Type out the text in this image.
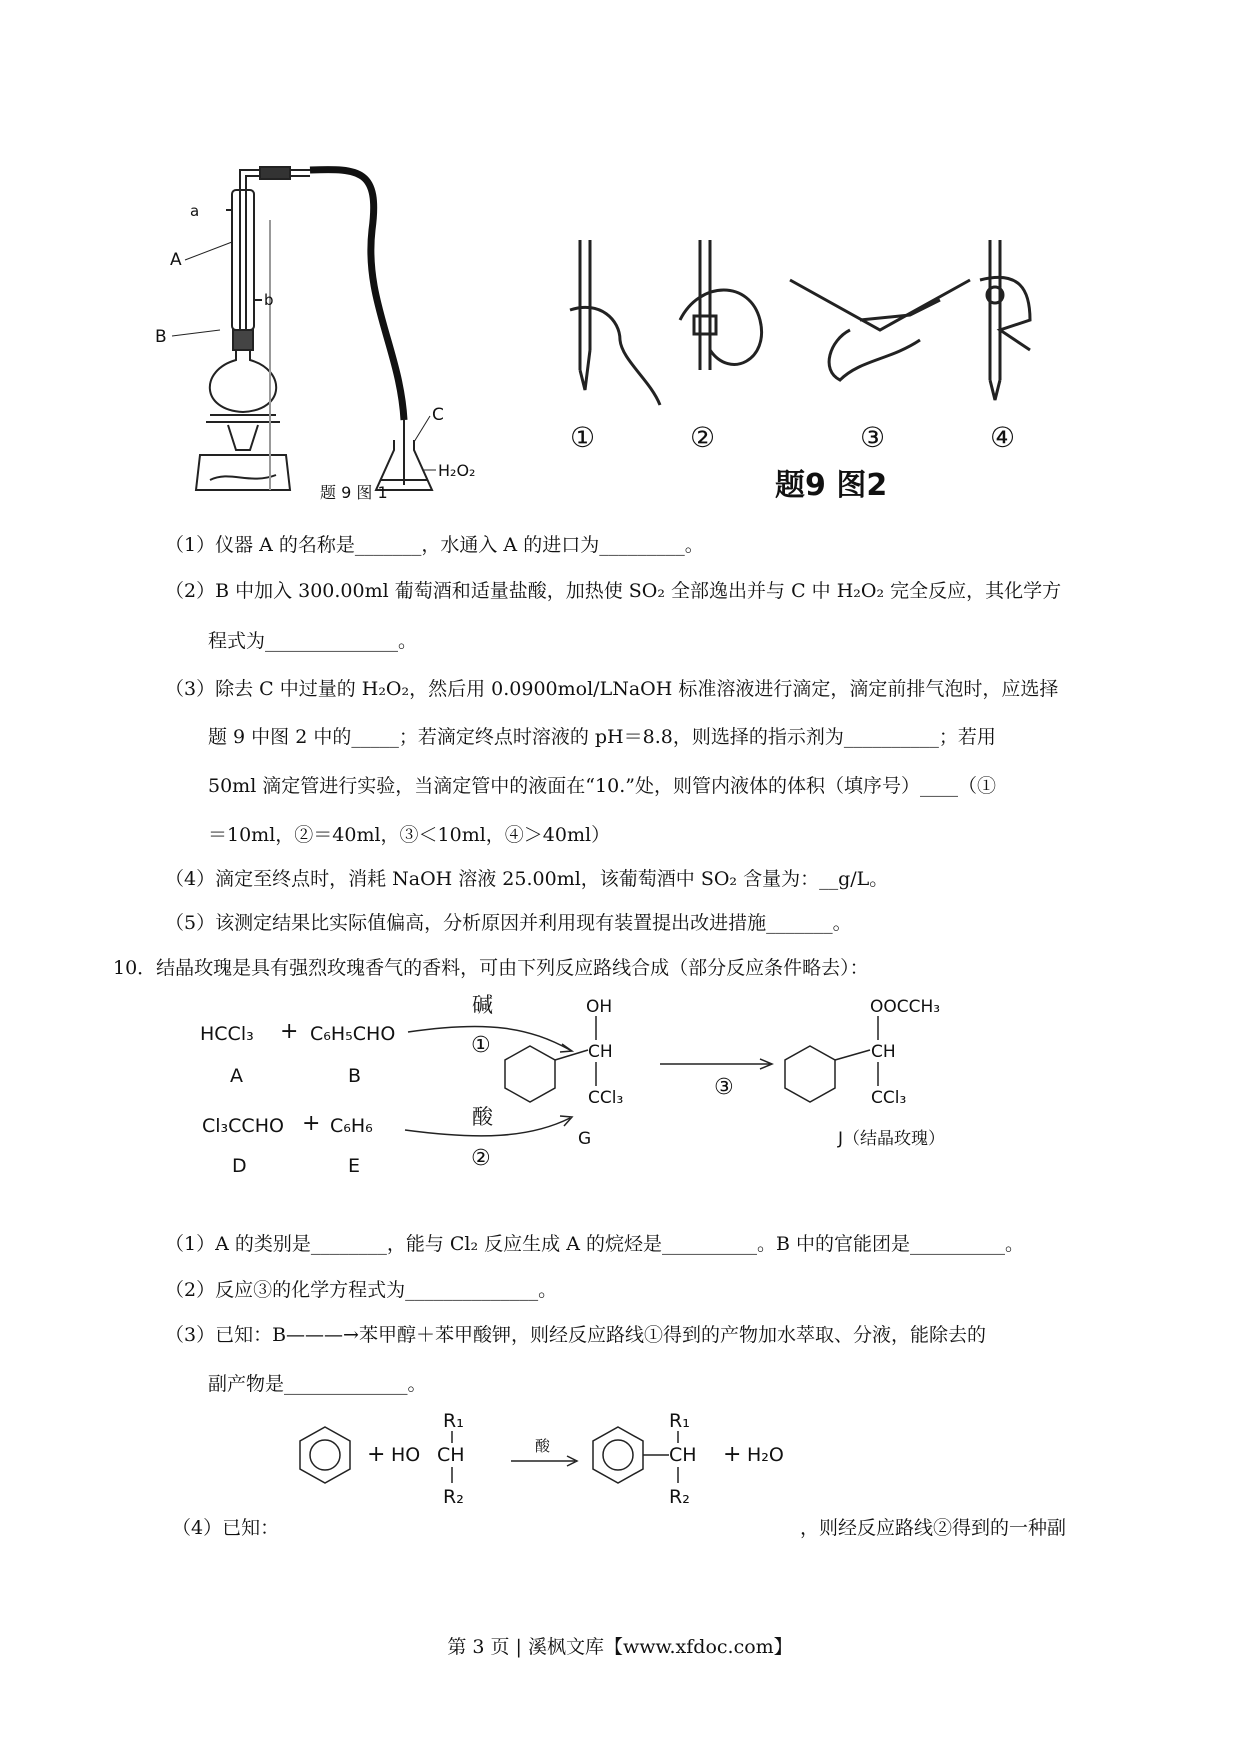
a
A
b
B
C
H₂O₂
题 9 图 1
①	②	③	④
题9 图2
（1）仪器 A 的名称是_______，水通入 A 的进口为_________。
（2）B 中加入 300.00ml 葡萄酒和适量盐酸，加热使 SO₂ 全部逸出并与 C 中 H₂O₂ 完全反应，其化学方
程式为______________。
（3）除去 C 中过量的 H₂O₂，然后用 0.0900mol/LNaOH 标准溶液进行滴定，滴定前排气泡时，应选择
题 9 中图 2 中的_____；若滴定终点时溶液的 pH＝8.8，则选择的指示剂为__________；若用
50ml 滴定管进行实验，当滴定管中的液面在“10.”处，则管内液体的体积（填序号）____（①
＝10ml，②＝40ml，③＜10ml，④＞40ml）
（4）滴定至终点时，消耗 NaOH 溶液 25.00ml，该葡萄酒中 SO₂ 含量为：__g/L。
（5）该测定结果比实际值偏高，分析原因并利用现有装置提出改进措施_______。
10．结晶玫瑰是具有强烈玫瑰香气的香料，可由下列反应路线合成（部分反应条件略去）：
HCCl₃ + C₆H₅CHO
A	B
Cl₃CCHO + C₆H₆
D	E
碱
①
酸
②
③
OH
CH
CCl₃
G
OOCCH₃
CH
CCl₃
J（结晶玫瑰）
（1）A 的类别是________，能与 Cl₂ 反应生成 A 的烷烃是__________。B 中的官能团是__________。
（2）反应③的化学方程式为______________。
（3）已知：B———→苯甲醇＋苯甲酸钾，则经反应路线①得到的产物加水萃取、分液，能除去的
副产物是_____________。
+ HO CH
R₁
R₂
酸
R₁
CH
R₂
+ H₂O
（4）已知：	，则经反应路线②得到的一种副
第 3 页 | 溪枫文库【www.xfdoc.com】
